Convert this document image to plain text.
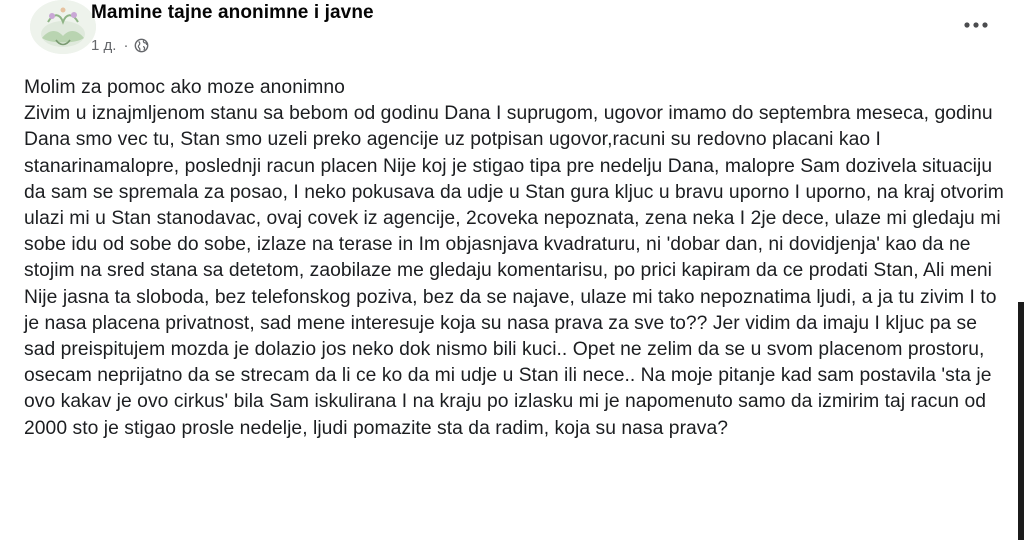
Mamine tajne anonimne i javne
1 д. ·

Molim za pomoc ako moze anonimno

Zivim u iznajmljenom stanu sa bebom od godinu Dana I suprugom, ugovor imamo do septembra meseca, godinu Dana smo vec tu, Stan smo uzeli preko agencije uz potpisan ugovor,racuni su redovno placani kao I stanarinamalopre, poslednji racun placen Nije koj je stigao tipa pre nedelju Dana, malopre Sam dozivela situaciju da sam se spremala za posao, I neko pokusava da udje u Stan gura kljuc u bravu uporno I uporno, na kraj otvorim ulazi mi u Stan stanodavac, ovaj covek iz agencije, 2coveka nepoznata, zena neka I 2je dece, ulaze mi gledaju mi sobe idu od sobe do sobe, izlaze na terase in Im objasnjava kvadraturu, ni 'dobar dan, ni dovidjenja' kao da ne stojim na sred stana sa detetom, zaobilaze me gledaju komentarisu, po prici kapiram da ce prodati Stan, Ali meni Nije jasna ta sloboda, bez telefonskog poziva, bez da se najave, ulaze mi tako nepoznatima ljudi, a ja tu zivim I to je nasa placena privatnost, sad mene interesuje koja su nasa prava za sve to?? Jer vidim da imaju I kljuc pa se sad preispitujem mozda je dolazio jos neko dok nismo bili kuci.. Opet ne zelim da se u svom placenom prostoru, osecam neprijatno da se strecam da li ce ko da mi udje u Stan ili nece.. Na moje pitanje kad sam postavila 'sta je ovo kakav je ovo cirkus' bila Sam iskulirana I na kraju po izlasku mi je napomenuto samo da izmirim taj racun od 2000 sto je stigao prosle nedelje, ljudi pomazite sta da radim, koja su nasa prava?
